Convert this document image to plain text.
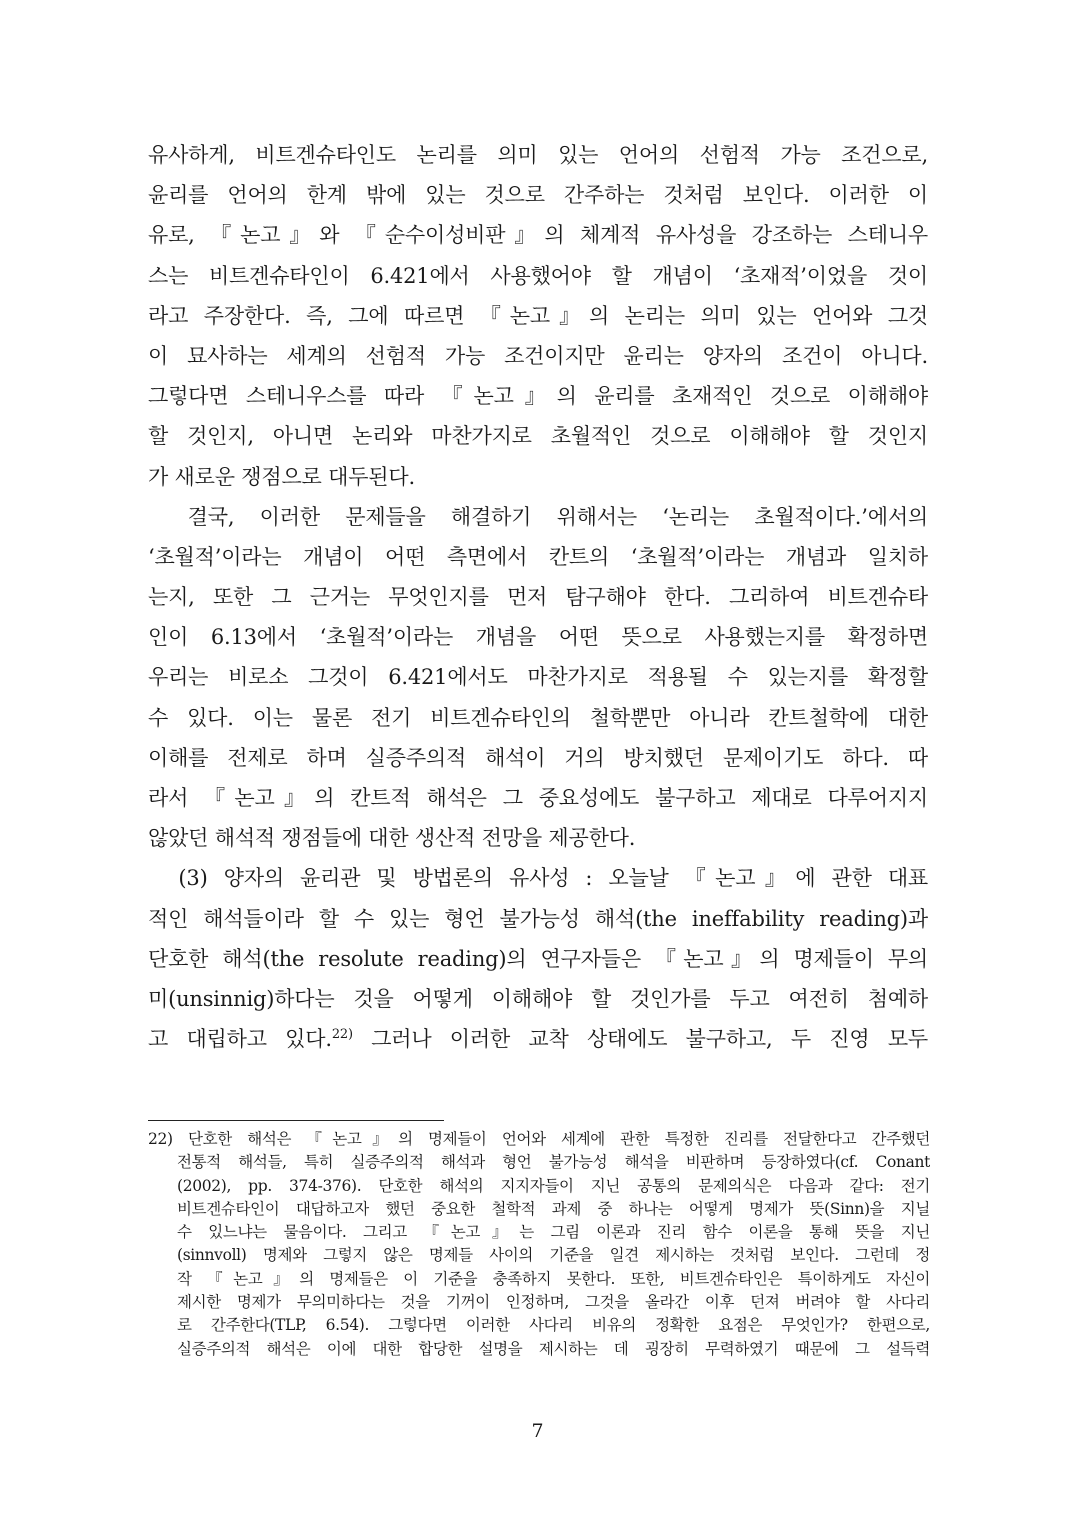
유사하게, 비트겐슈타인도 논리를 의미 있는 언어의 선험적 가능 조건으로,
윤리를 언어의 한계 밖에 있는 것으로 간주하는 것처럼 보인다. 이러한 이
유로, 『논고』와 『순수이성비판』의 체계적 유사성을 강조하는 스테니우
스는 비트겐슈타인이 6.421에서 사용했어야 할 개념이 ‘초재적’이었을 것이
라고 주장한다. 즉, 그에 따르면 『논고』의 논리는 의미 있는 언어와 그것
이 묘사하는 세계의 선험적 가능 조건이지만 윤리는 양자의 조건이 아니다.
그렇다면 스테니우스를 따라 『논고』의 윤리를 초재적인 것으로 이해해야
할 것인지, 아니면 논리와 마찬가지로 초월적인 것으로 이해해야 할 것인지
가 새로운 쟁점으로 대두된다.
　결국, 이러한 문제들을 해결하기 위해서는 ‘논리는 초월적이다.’에서의
‘초월적’이라는 개념이 어떤 측면에서 칸트의 ‘초월적’이라는 개념과 일치하
는지, 또한 그 근거는 무엇인지를 먼저 탐구해야 한다. 그리하여 비트겐슈타
인이 6.13에서 ‘초월적’이라는 개념을 어떤 뜻으로 사용했는지를 확정하면
우리는 비로소 그것이 6.421에서도 마찬가지로 적용될 수 있는지를 확정할
수 있다. 이는 물론 전기 비트겐슈타인의 철학뿐만 아니라 칸트철학에 대한
이해를 전제로 하며 실증주의적 해석이 거의 방치했던 문제이기도 하다. 따
라서 『논고』의 칸트적 해석은 그 중요성에도 불구하고 제대로 다루어지지
않았던 해석적 쟁점들에 대한 생산적 전망을 제공한다.
　(3) 양자의 윤리관 및 방법론의 유사성 : 오늘날 『논고』에 관한 대표
적인 해석들이라 할 수 있는 형언 불가능성 해석(the ineffability reading)과
단호한 해석(the resolute reading)의 연구자들은 『논고』의 명제들이 무의
미(unsinnig)하다는 것을 어떻게 이해해야 할 것인가를 두고 여전히 첨예하
고 대립하고 있다.$^{22)}$ 그러나 이러한 교착 상태에도 불구하고, 두 진영 모두
22) 단호한 해석은 『논고』의 명제들이 언어와 세계에 관한 특정한 진리를 전달한다고 간주했던
전통적 해석들, 특히 실증주의적 해석과 형언 불가능성 해석을 비판하며 등장하였다(cf. Conant
(2002), pp. 374-376). 단호한 해석의 지지자들이 지닌 공통의 문제의식은 다음과 같다: 전기
비트겐슈타인이 대답하고자 했던 중요한 철학적 과제 중 하나는 어떻게 명제가 뜻(Sinn)을 지닐
수 있느냐는 물음이다. 그리고 『논고』는 그림 이론과 진리 함수 이론을 통해 뜻을 지닌
(sinnvoll) 명제와 그렇지 않은 명제들 사이의 기준을 일견 제시하는 것처럼 보인다. 그런데 정
작 『논고』의 명제들은 이 기준을 충족하지 못한다. 또한, 비트겐슈타인은 특이하게도 자신이
제시한 명제가 무의미하다는 것을 기꺼이 인정하며, 그것을 올라간 이후 던져 버려야 할 사다리
로 간주한다(TLP, 6.54). 그렇다면 이러한 사다리 비유의 정확한 요점은 무엇인가? 한편으로,
실증주의적 해석은 이에 대한 합당한 설명을 제시하는 데 굉장히 무력하였기 때문에 그 설득력
7
